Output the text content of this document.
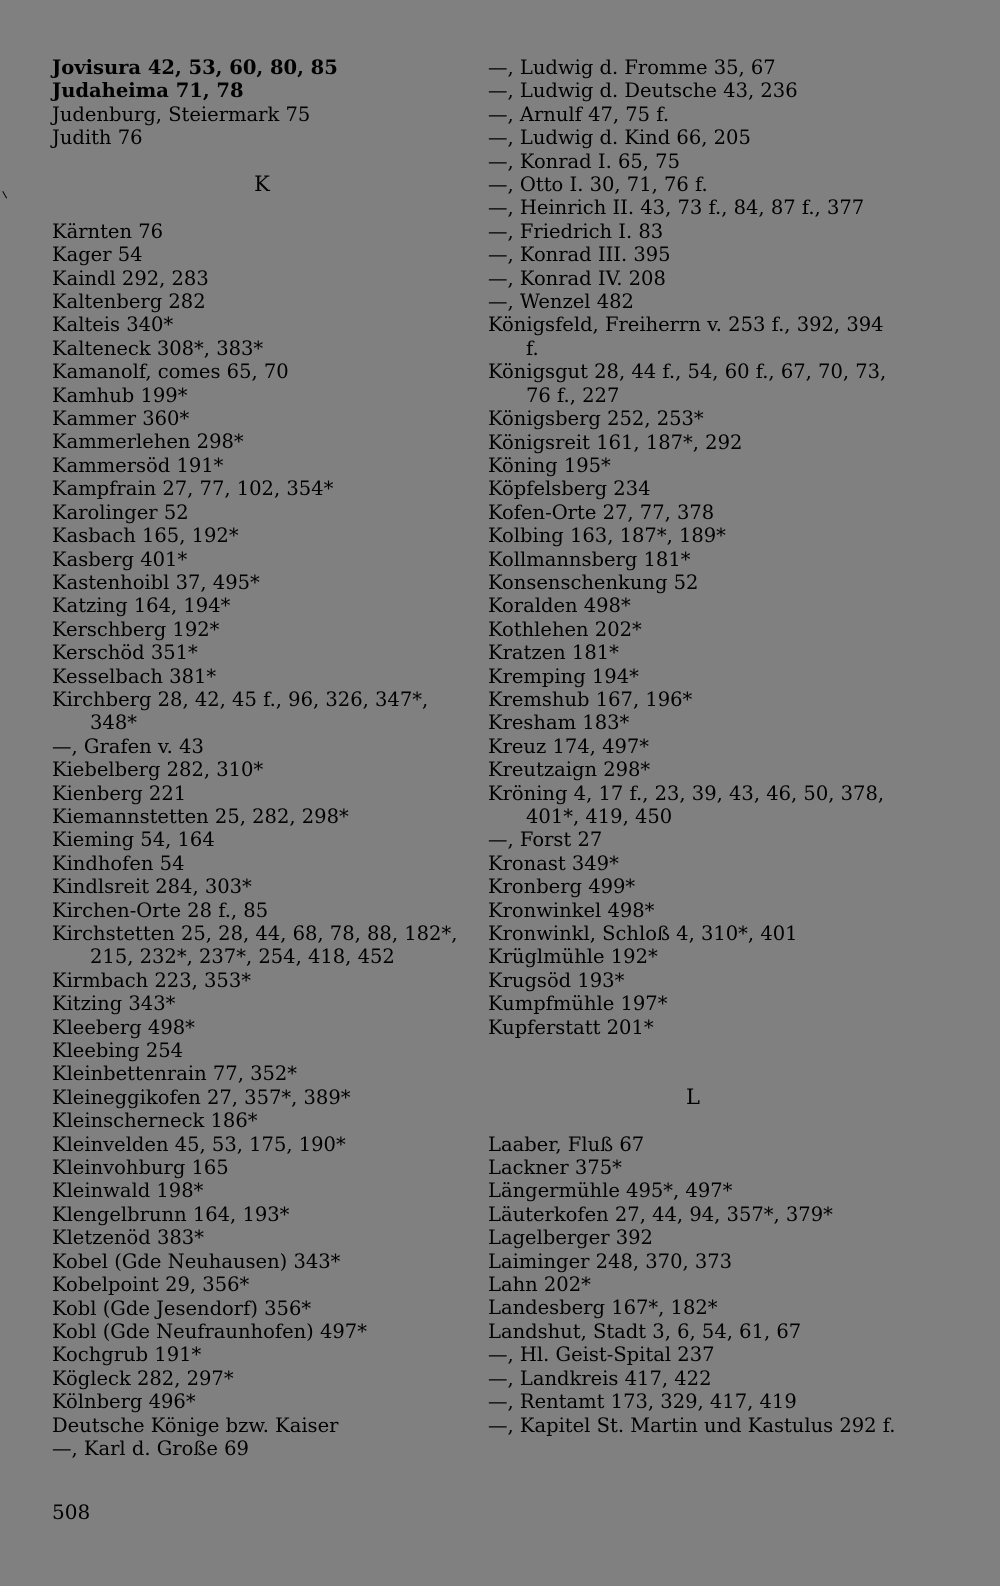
Jovisura 42, 53, 60, 80, 85
Judaheima 71, 78
Judenburg, Steiermark 75
Judith 76
K
Kärnten 76
Kager 54
Kaindl 292, 283
Kaltenberg 282
Kalteis 340*
Kalteneck 308*, 383*
Kamanolf, comes 65, 70
Kamhub 199*
Kammer 360*
Kammerlehen 298*
Kammersöd 191*
Kampfrain 27, 77, 102, 354*
Karolinger 52
Kasbach 165, 192*
Kasberg 401*
Kastenhoibl 37, 495*
Katzing 164, 194*
Kerschberg 192*
Kerschöd 351*
Kesselbach 381*
Kirchberg 28, 42, 45 f., 96, 326, 347*, 348*
—, Grafen v. 43
Kiebelberg 282, 310*
Kienberg 221
Kiemannstetten 25, 282, 298*
Kieming 54, 164
Kindhofen 54
Kindlsreit 284, 303*
Kirchen-Orte 28 f., 85
Kirchstetten 25, 28, 44, 68, 78, 88, 182*, 215, 232*, 237*, 254, 418, 452
Kirmbach 223, 353*
Kitzing 343*
Kleeberg 498*
Kleebing 254
Kleinbettenrain 77, 352*
Kleineggikofen 27, 357*, 389*
Kleinscherneck 186*
Kleinvelden 45, 53, 175, 190*
Kleinvohburg 165
Kleinwald 198*
Klengelbrunn 164, 193*
Kletzenöd 383*
Kobel (Gde Neuhausen) 343*
Kobelpoint 29, 356*
Kobl (Gde Jesendorf) 356*
Kobl (Gde Neufraunhofen) 497*
Kochgrub 191*
Kögleck 282, 297*
Kölnberg 496*
Deutsche Könige bzw. Kaiser
—, Karl d. Große 69
—, Ludwig d. Fromme 35, 67
—, Ludwig d. Deutsche 43, 236
—, Arnulf 47, 75 f.
—, Ludwig d. Kind 66, 205
—, Konrad I. 65, 75
—, Otto I. 30, 71, 76 f.
—, Heinrich II. 43, 73 f., 84, 87 f., 377
—, Friedrich I. 83
—, Konrad III. 395
—, Konrad IV. 208
—, Wenzel 482
Königsfeld, Freiherrn v. 253 f., 392, 394 f.
Königsgut 28, 44 f., 54, 60 f., 67, 70, 73, 76 f., 227
Königsberg 252, 253*
Königsreit 161, 187*, 292
Köning 195*
Köpfelsberg 234
Kofen-Orte 27, 77, 378
Kolbing 163, 187*, 189*
Kollmannsberg 181*
Konsenschenkung 52
Koralden 498*
Kothlehen 202*
Kratzen 181*
Kremping 194*
Kremshub 167, 196*
Kresham 183*
Kreuz 174, 497*
Kreutzaign 298*
Kröning 4, 17 f., 23, 39, 43, 46, 50, 378, 401*, 419, 450
—, Forst 27
Kronast 349*
Kronberg 499*
Kronwinkel 498*
Kronwinkl, Schloß 4, 310*, 401
Krüglmühle 192*
Krugsöd 193*
Kumpfmühle 197*
Kupferstatt 201*
L
Laaber, Fluß 67
Lackner 375*
Längermühle 495*, 497*
Läuterkofen 27, 44, 94, 357*, 379*
Lagelberger 392
Laiminger 248, 370, 373
Lahn 202*
Landesberg 167*, 182*
Landshut, Stadt 3, 6, 54, 61, 67
—, Hl. Geist-Spital 237
—, Landkreis 417, 422
—, Rentamt 173, 329, 417, 419
—, Kapitel St. Martin und Kastulus 292 f.
508
